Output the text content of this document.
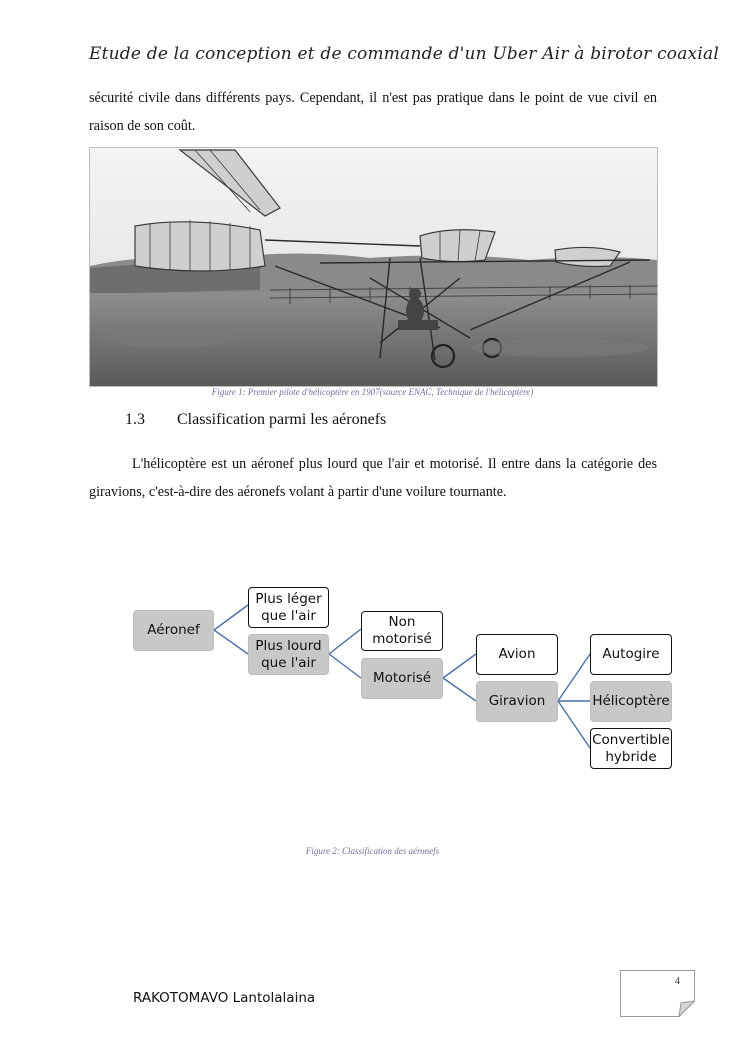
Etude de la conception et de commande d'un Uber Air à birotor coaxial

sécurité civile dans différents pays. Cependant, il n'est pas pratique dans le point de vue civil en raison de son coût.

Figure 1: Premier pilote d'hélicoptère en 1907(source ENAC, Technique de l'hélicoptère)
1.3 Classification parmi les aéronefs

L'hélicoptère est un aéronef plus lourd que l'air et motorisé. Il entre dans la catégorie des giravions, c'est-à-dire des aéronefs volant à partir d'une voilure tournante.

Aéronef
Plus léger que l'air
Plus lourd que l'air
Non motorisé
Motorisé
Avion
Giravion
Autogire
Hélicoptère
Convertible hybride
Figure 2: Classification des aéronefs
4
RAKOTOMAVO Lantolalaina
